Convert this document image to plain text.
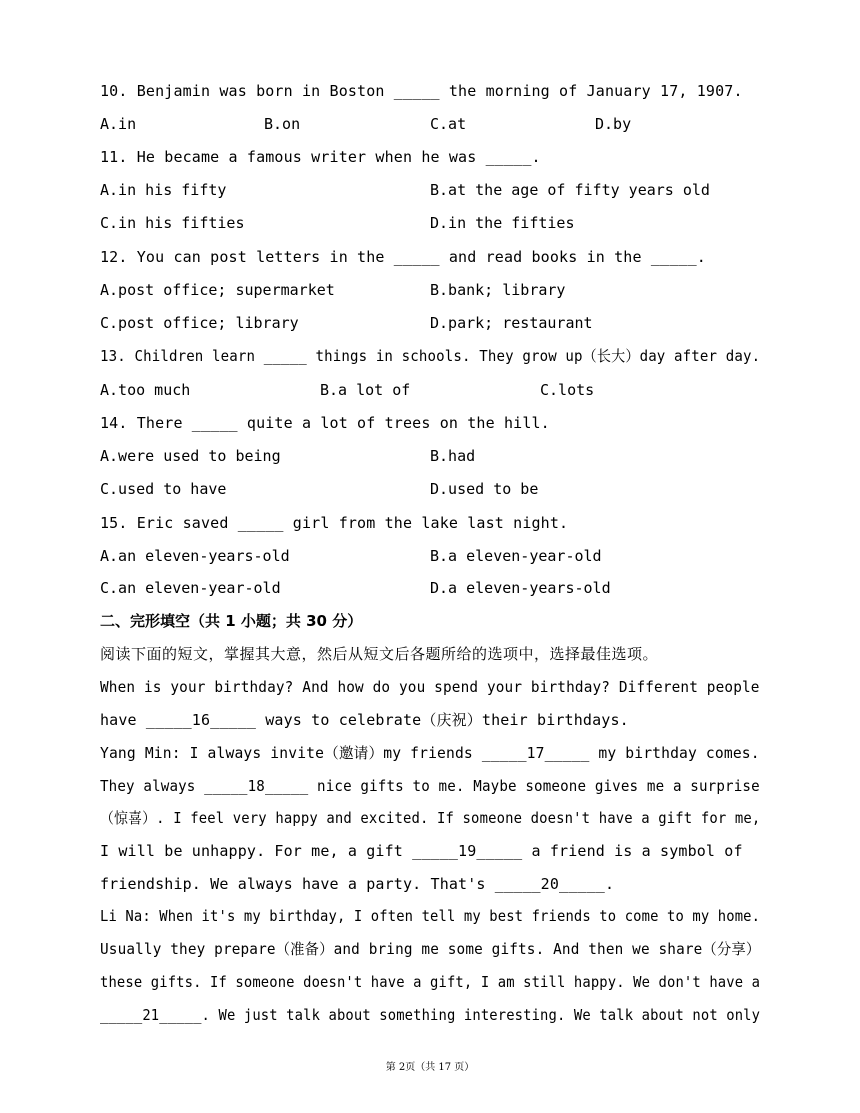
10. Benjamin was born in Boston _____ the morning of January 17, 1907.
A.in	B.on	C.at	D.by
11. He became a famous writer when he was _____.
A.in his fifty	B.at the age of fifty years old
C.in his fifties	D.in the fifties
12. You can post letters in the _____ and read books in the _____.
A.post office; supermarket	B.bank; library
C.post office; library	D.park; restaurant
13. Children learn _____ things in schools. They grow up（长大）day after day.
A.too much	B.a lot of	C.lots
14. There _____ quite a lot of trees on the hill.
A.were used to being	B.had
C.used to have	D.used to be
15. Eric saved _____ girl from the lake last night.
A.an eleven-years-old	B.a eleven-year-old
C.an eleven-year-old	D.a eleven-years-old
二、完形填空（共 1 小题；共 30 分）
阅读下面的短文，掌握其大意，然后从短文后各题所给的选项中，选择最佳选项。
When is your birthday? And how do you spend your birthday? Different people
have _____16_____ ways to celebrate（庆祝）their birthdays.
Yang Min: I always invite（邀请）my friends _____17_____ my birthday comes.
They always _____18_____ nice gifts to me. Maybe someone gives me a surprise
（惊喜）. I feel very happy and excited. If someone doesn't have a gift for me,
I will be unhappy. For me, a gift _____19_____ a friend is a symbol of
friendship. We always have a party. That's _____20_____.
Li Na: When it's my birthday, I often tell my best friends to come to my home.
Usually they prepare（准备）and bring me some gifts. And then we share（分享）
these gifts. If someone doesn't have a gift, I am still happy. We don't have a
_____21_____. We just talk about something interesting. We talk about not only
第 2页（共 17 页）
